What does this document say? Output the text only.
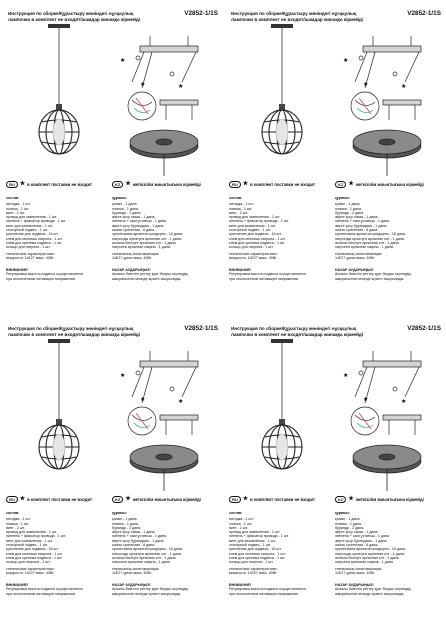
Инструкция по сборке/Құрастыру жөніндегі нұсқаулық	V2852-1/1S
лампочки в комплект не входят/шамдар жинаққа кірмейді
★
★	★
RU ★ в комплект поставки не входит	KZ ★ жеткізілім жиынтығына кірмейді
состав:
нитадка - 1 шт.
планка - 1 шт.
винт - 2 шт.
провод для заземления - 1 шт.
ниппель + фиксатор провода - 1 шт.
винт для заземления - 1 шт.
стопорный подвес - 1 шт.
крепление для подвеса - 16 шт.
клем для монтажа патрона - 1 шт.
клем для крепежа подвеса - 1 шт.
кольцо для патрона - 1 шт.
технические характеристики:
мощность: 1xE27 макс. 40Вт
құрамы:
қалып - 1 дана.
планка - 1 дана.
бұрандр - 2 дана.
жерге қосу сымы - 1 дана.
ниппель + сым ұстағыш - 1 дана.
жерге қосу бұрандасы - 1 дана.
шыны суспензия - 8 дана.
суспензияға арналған қондырғы - 16 дана.
патронды орнатуға арналған клт - 1 дана.
аспалы бекітуге арналған клт - 1 дана.
патронға арналған сақина - 1 дана.
техникалық сипаттамалары:
1xE27 қуаты макс. 40Вт
ВНИМАНИЕ!
Регулировка высоты подвеса осуществляется
при отключенном питающем напряжении.
НАЗАР АУДАРЫҢЫЗ!
Аспалы биіктігін реттеу қуат беруші кернеудің
ажыратылған кезінде жүзеге асырылады.
Инструкция по сборке/Құрастыру жөніндегі нұсқаулық	V2852-1/1S
лампочки в комплект не входят/шамдар жинаққа кірмейді
★
★	★
RU ★ в комплект поставки не входит	KZ ★ жеткізілім жиынтығына кірмейді
состав:
нитадка - 1 шт.
планка - 1 шт.
винт - 2 шт.
провод для заземления - 1 шт.
ниппель + фиксатор провода - 1 шт.
винт для заземления - 1 шт.
стопорный подвес - 1 шт.
крепление для подвеса - 16 шт.
клем для монтажа патрона - 1 шт.
клем для крепежа подвеса - 1 шт.
кольцо для патрона - 1 шт.
технические характеристики:
мощность: 1xE27 макс. 40Вт
құрамы:
қалып - 1 дана.
планка - 1 дана.
бұрандр - 2 дана.
жерге қосу сымы - 1 дана.
ниппель + сым ұстағыш - 1 дана.
жерге қосу бұрандасы - 1 дана.
шыны суспензия - 8 дана.
суспензияға арналған қондырғы - 16 дана.
патронды орнатуға арналған клт - 1 дана.
аспалы бекітуге арналған клт - 1 дана.
патронға арналған сақина - 1 дана.
техникалық сипаттамалары:
1xE27 қуаты макс. 40Вт
ВНИМАНИЕ!
Регулировка высоты подвеса осуществляется
при отключенном питающем напряжении.
НАЗАР АУДАРЫҢЫЗ!
Аспалы биіктігін реттеу қуат беруші кернеудің
ажыратылған кезінде жүзеге асырылады.
Инструкция по сборке/Құрастыру жөніндегі нұсқаулық	V2852-1/1S
лампочки в комплект не входят/шамдар жинаққа кірмейді
★
★	★
RU ★ в комплект поставки не входит	KZ ★ жеткізілім жиынтығына кірмейді
состав:
нитадка - 1 шт.
планка - 1 шт.
винт - 2 шт.
провод для заземления - 1 шт.
ниппель + фиксатор провода - 1 шт.
винт для заземления - 1 шт.
стопорный подвес - 1 шт.
крепление для подвеса - 16 шт.
клем для монтажа патрона - 1 шт.
клем для крепежа подвеса - 1 шт.
кольцо для патрона - 1 шт.
технические характеристики:
мощность: 1xE27 макс. 40Вт
құрамы:
қалып - 1 дана.
планка - 1 дана.
бұрандр - 2 дана.
жерге қосу сымы - 1 дана.
ниппель + сым ұстағыш - 1 дана.
жерге қосу бұрандасы - 1 дана.
шыны суспензия - 8 дана.
суспензияға арналған қондырғы - 16 дана.
патронды орнатуға арналған клт - 1 дана.
аспалы бекітуге арналған клт - 1 дана.
патронға арналған сақина - 1 дана.
техникалық сипаттамалары:
1xE27 қуаты макс. 40Вт
ВНИМАНИЕ!
Регулировка высоты подвеса осуществляется
при отключенном питающем напряжении.
НАЗАР АУДАРЫҢЫЗ!
Аспалы биіктігін реттеу қуат беруші кернеудің
ажыратылған кезінде жүзеге асырылады.
Инструкция по сборке/Құрастыру жөніндегі нұсқаулық	V2852-1/1S
лампочки в комплект не входят/шамдар жинаққа кірмейді
★
★	★
RU ★ в комплект поставки не входит	KZ ★ жеткізілім жиынтығына кірмейді
состав:
нитадка - 1 шт.
планка - 1 шт.
винт - 2 шт.
провод для заземления - 1 шт.
ниппель + фиксатор провода - 1 шт.
винт для заземления - 1 шт.
стопорный подвес - 1 шт.
крепление для подвеса - 16 шт.
клем для монтажа патрона - 1 шт.
клем для крепежа подвеса - 1 шт.
кольцо для патрона - 1 шт.
технические характеристики:
мощность: 1xE27 макс. 40Вт
құрамы:
қалып - 1 дана.
планка - 1 дана.
бұрандр - 2 дана.
жерге қосу сымы - 1 дана.
ниппель + сым ұстағыш - 1 дана.
жерге қосу бұрандасы - 1 дана.
шыны суспензия - 8 дана.
суспензияға арналған қондырғы - 16 дана.
патронды орнатуға арналған клт - 1 дана.
аспалы бекітуге арналған клт - 1 дана.
патронға арналған сақина - 1 дана.
техникалық сипаттамалары:
1xE27 қуаты макс. 40Вт
ВНИМАНИЕ!
Регулировка высоты подвеса осуществляется
при отключенном питающем напряжении.
НАЗАР АУДАРЫҢЫЗ!
Аспалы биіктігін реттеу қуат беруші кернеудің
ажыратылған кезінде жүзеге асырылады.
